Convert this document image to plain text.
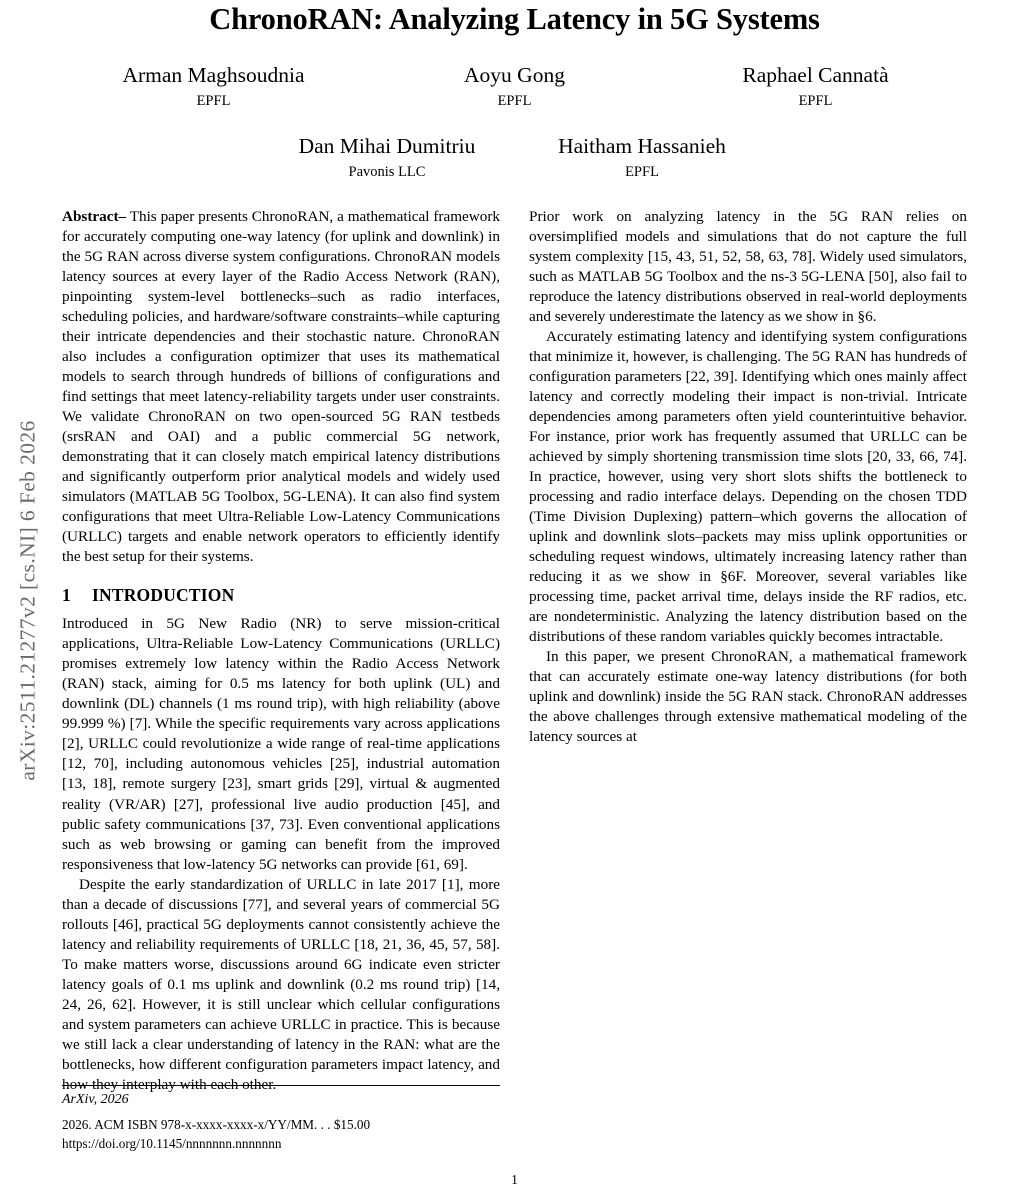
arXiv:2511.21277v2 [cs.NI] 6 Feb 2026
ChronoRAN: Analyzing Latency in 5G Systems
Arman Maghsoudnia
EPFL
Aoyu Gong
EPFL
Raphael Cannatà
EPFL
Dan Mihai Dumitriu
Pavonis LLC
Haitham Hassanieh
EPFL

Abstract– This paper presents ChronoRAN, a mathematical framework for accurately computing one-way latency (for uplink and downlink) in the 5G RAN across diverse system configurations. ChronoRAN models latency sources at every layer of the Radio Access Network (RAN), pinpointing system-level bottlenecks–such as radio interfaces, scheduling policies, and hardware/software constraints–while capturing their intricate dependencies and their stochastic nature. ChronoRAN also includes a configuration optimizer that uses its mathematical models to search through hundreds of billions of configurations and find settings that meet latency-reliability targets under user constraints. We validate ChronoRAN on two open-sourced 5G RAN testbeds (srsRAN and OAI) and a public commercial 5G network, demonstrating that it can closely match empirical latency distributions and significantly outperform prior analytical models and widely used simulators (MATLAB 5G Toolbox, 5G-LENA). It can also find system configurations that meet Ultra-Reliable Low-Latency Communications (URLLC) targets and enable network operators to efficiently identify the best setup for their systems.

1 INTRODUCTION

Introduced in 5G New Radio (NR) to serve mission-critical applications, Ultra-Reliable Low-Latency Communications (URLLC) promises extremely low latency within the Radio Access Network (RAN) stack, aiming for 0.5 ms latency for both uplink (UL) and downlink (DL) channels (1 ms round trip), with high reliability (above 99.999 %) [7]. While the specific requirements vary across applications [2], URLLC could revolutionize a wide range of real-time applications [12, 70], including autonomous vehicles [25], industrial automation [13, 18], remote surgery [23], smart grids [29], virtual & augmented reality (VR/AR) [27], professional live audio production [45], and public safety communications [37, 73]. Even conventional applications such as web browsing or gaming can benefit from the improved responsiveness that low-latency 5G networks can provide [61, 69].

Despite the early standardization of URLLC in late 2017 [1], more than a decade of discussions [77], and several years of commercial 5G rollouts [46], practical 5G deployments cannot consistently achieve the latency and reliability requirements of URLLC [18, 21, 36, 45, 57, 58]. To make matters worse, discussions around 6G indicate even stricter latency goals of 0.1 ms uplink and downlink (0.2 ms round trip) [14, 24, 26, 62]. However, it is still unclear which cellular configurations and system parameters can achieve URLLC in practice. This is because we still lack a clear understanding of latency in the RAN: what are the bottlenecks, how different configuration parameters impact latency, and how they interplay with each other.

Prior work on analyzing latency in the 5G RAN relies on oversimplified models and simulations that do not capture the full system complexity [15, 43, 51, 52, 58, 63, 78]. Widely used simulators, such as MATLAB 5G Toolbox and the ns-3 5G-LENA [50], also fail to reproduce the latency distributions observed in real-world deployments and severely underestimate the latency as we show in §6.

Accurately estimating latency and identifying system configurations that minimize it, however, is challenging. The 5G RAN has hundreds of configuration parameters [22, 39]. Identifying which ones mainly affect latency and correctly modeling their impact is non-trivial. Intricate dependencies among parameters often yield counterintuitive behavior. For instance, prior work has frequently assumed that URLLC can be achieved by simply shortening transmission time slots [20, 33, 66, 74]. In practice, however, using very short slots shifts the bottleneck to processing and radio interface delays. Depending on the chosen TDD (Time Division Duplexing) pattern–which governs the allocation of uplink and downlink slots–packets may miss uplink opportunities or scheduling request windows, ultimately increasing latency rather than reducing it as we show in §6F. Moreover, several variables like processing time, packet arrival time, delays inside the RF radios, etc. are nondeterministic. Analyzing the latency distribution based on the distributions of these random variables quickly becomes intractable.

In this paper, we present ChronoRAN, a mathematical framework that can accurately estimate one-way latency distributions (for both uplink and downlink) inside the 5G RAN stack. ChronoRAN addresses the above challenges through extensive mathematical modeling of the latency sources at

ArXiv, 2026
2026. ACM ISBN 978-x-xxxx-xxxx-x/YY/MM. . . $15.00
https://doi.org/10.1145/nnnnnnn.nnnnnnn
1
